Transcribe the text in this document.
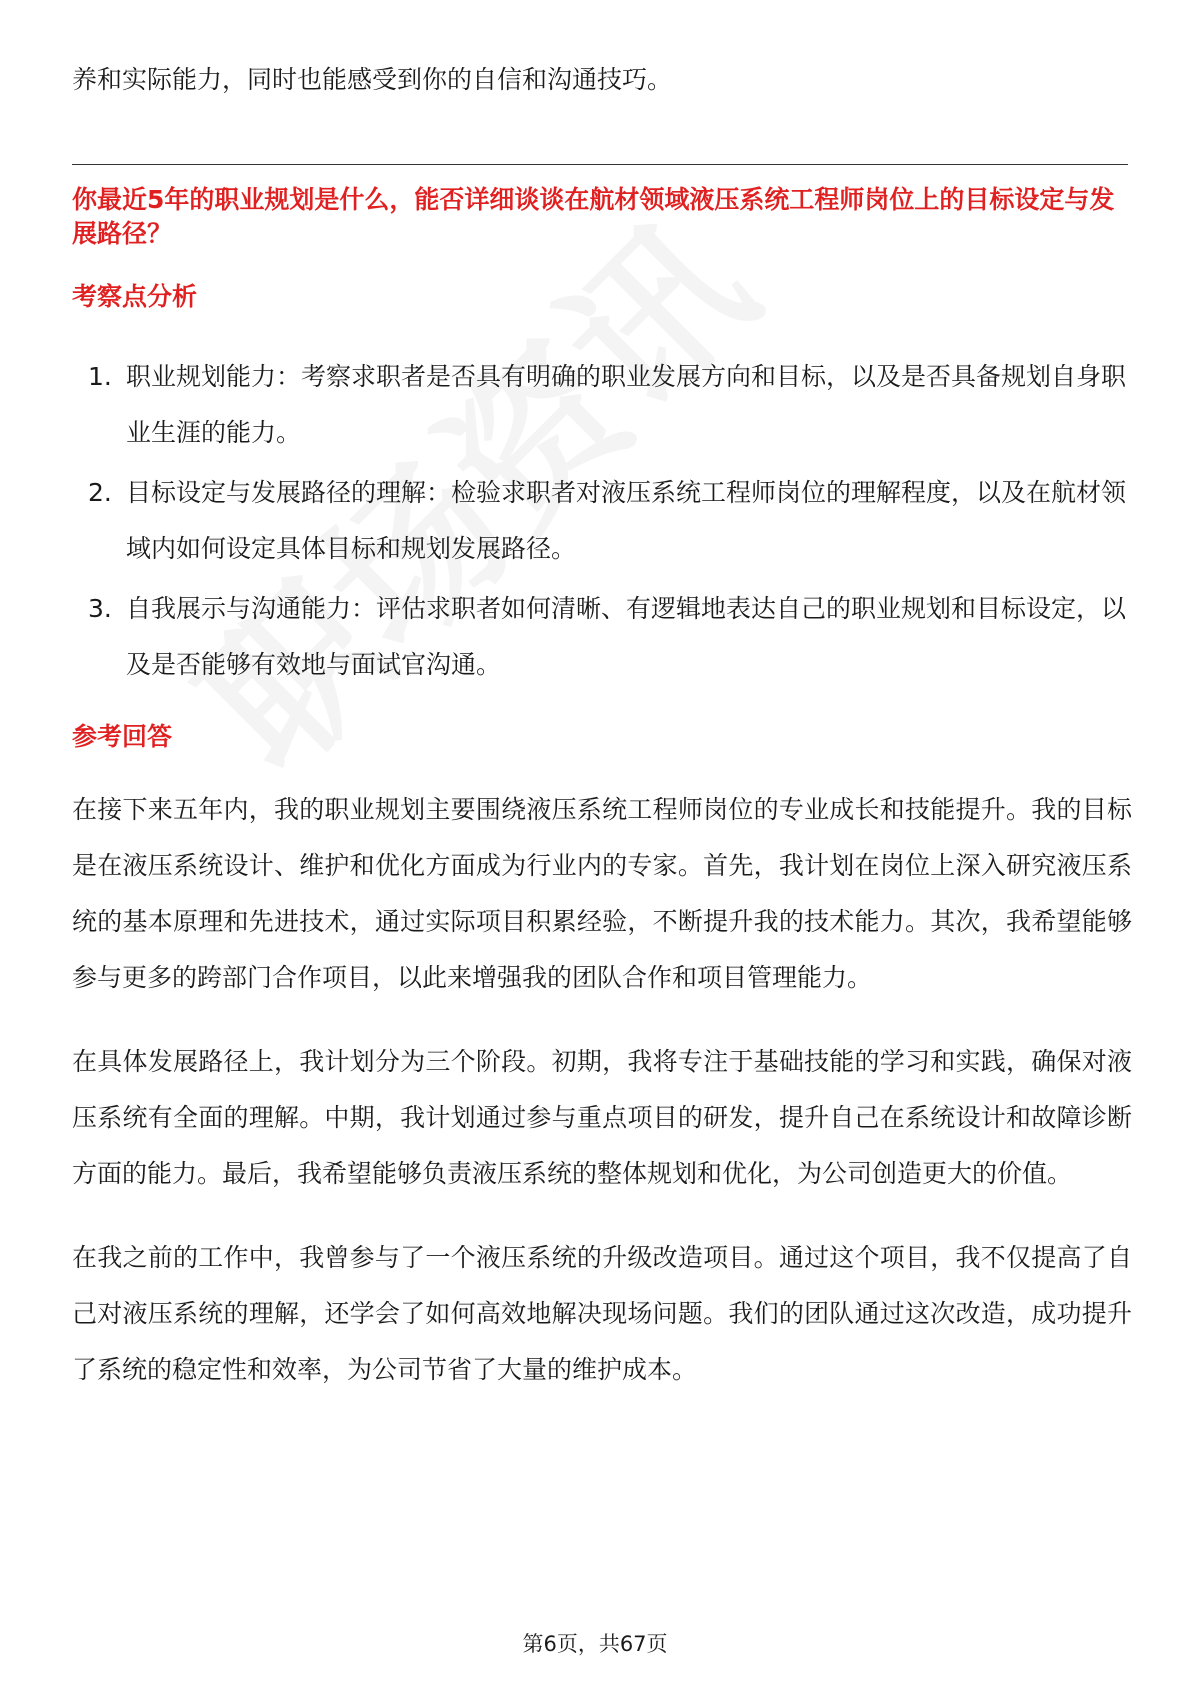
养和实际能力，同时也能感受到你的自信和沟通技巧。

你最近5年的职业规划是什么，能否详细谈谈在航材领域液压系统工程师岗位上的目标设定与发展路径？
考察点分析
1. 职业规划能力：考察求职者是否具有明确的职业发展方向和目标，以及是否具备规划自身职业生涯的能力。
2. 目标设定与发展路径的理解：检验求职者对液压系统工程师岗位的理解程度，以及在航材领域内如何设定具体目标和规划发展路径。
3. 自我展示与沟通能力：评估求职者如何清晰、有逻辑地表达自己的职业规划和目标设定，以及是否能够有效地与面试官沟通。
参考回答

在接下来五年内，我的职业规划主要围绕液压系统工程师岗位的专业成长和技能提升。我的目标是在液压系统设计、维护和优化方面成为行业内的专家。首先，我计划在岗位上深入研究液压系统的基本原理和先进技术，通过实际项目积累经验，不断提升我的技术能力。其次，我希望能够参与更多的跨部门合作项目，以此来增强我的团队合作和项目管理能力。

在具体发展路径上，我计划分为三个阶段。初期，我将专注于基础技能的学习和实践，确保对液压系统有全面的理解。中期，我计划通过参与重点项目的研发，提升自己在系统设计和故障诊断方面的能力。最后，我希望能够负责液压系统的整体规划和优化，为公司创造更大的价值。

在我之前的工作中，我曾参与了一个液压系统的升级改造项目。通过这个项目，我不仅提高了自己对液压系统的理解，还学会了如何高效地解决现场问题。我们的团队通过这次改造，成功提升了系统的稳定性和效率，为公司节省了大量的维护成本。

第6页，共67页
